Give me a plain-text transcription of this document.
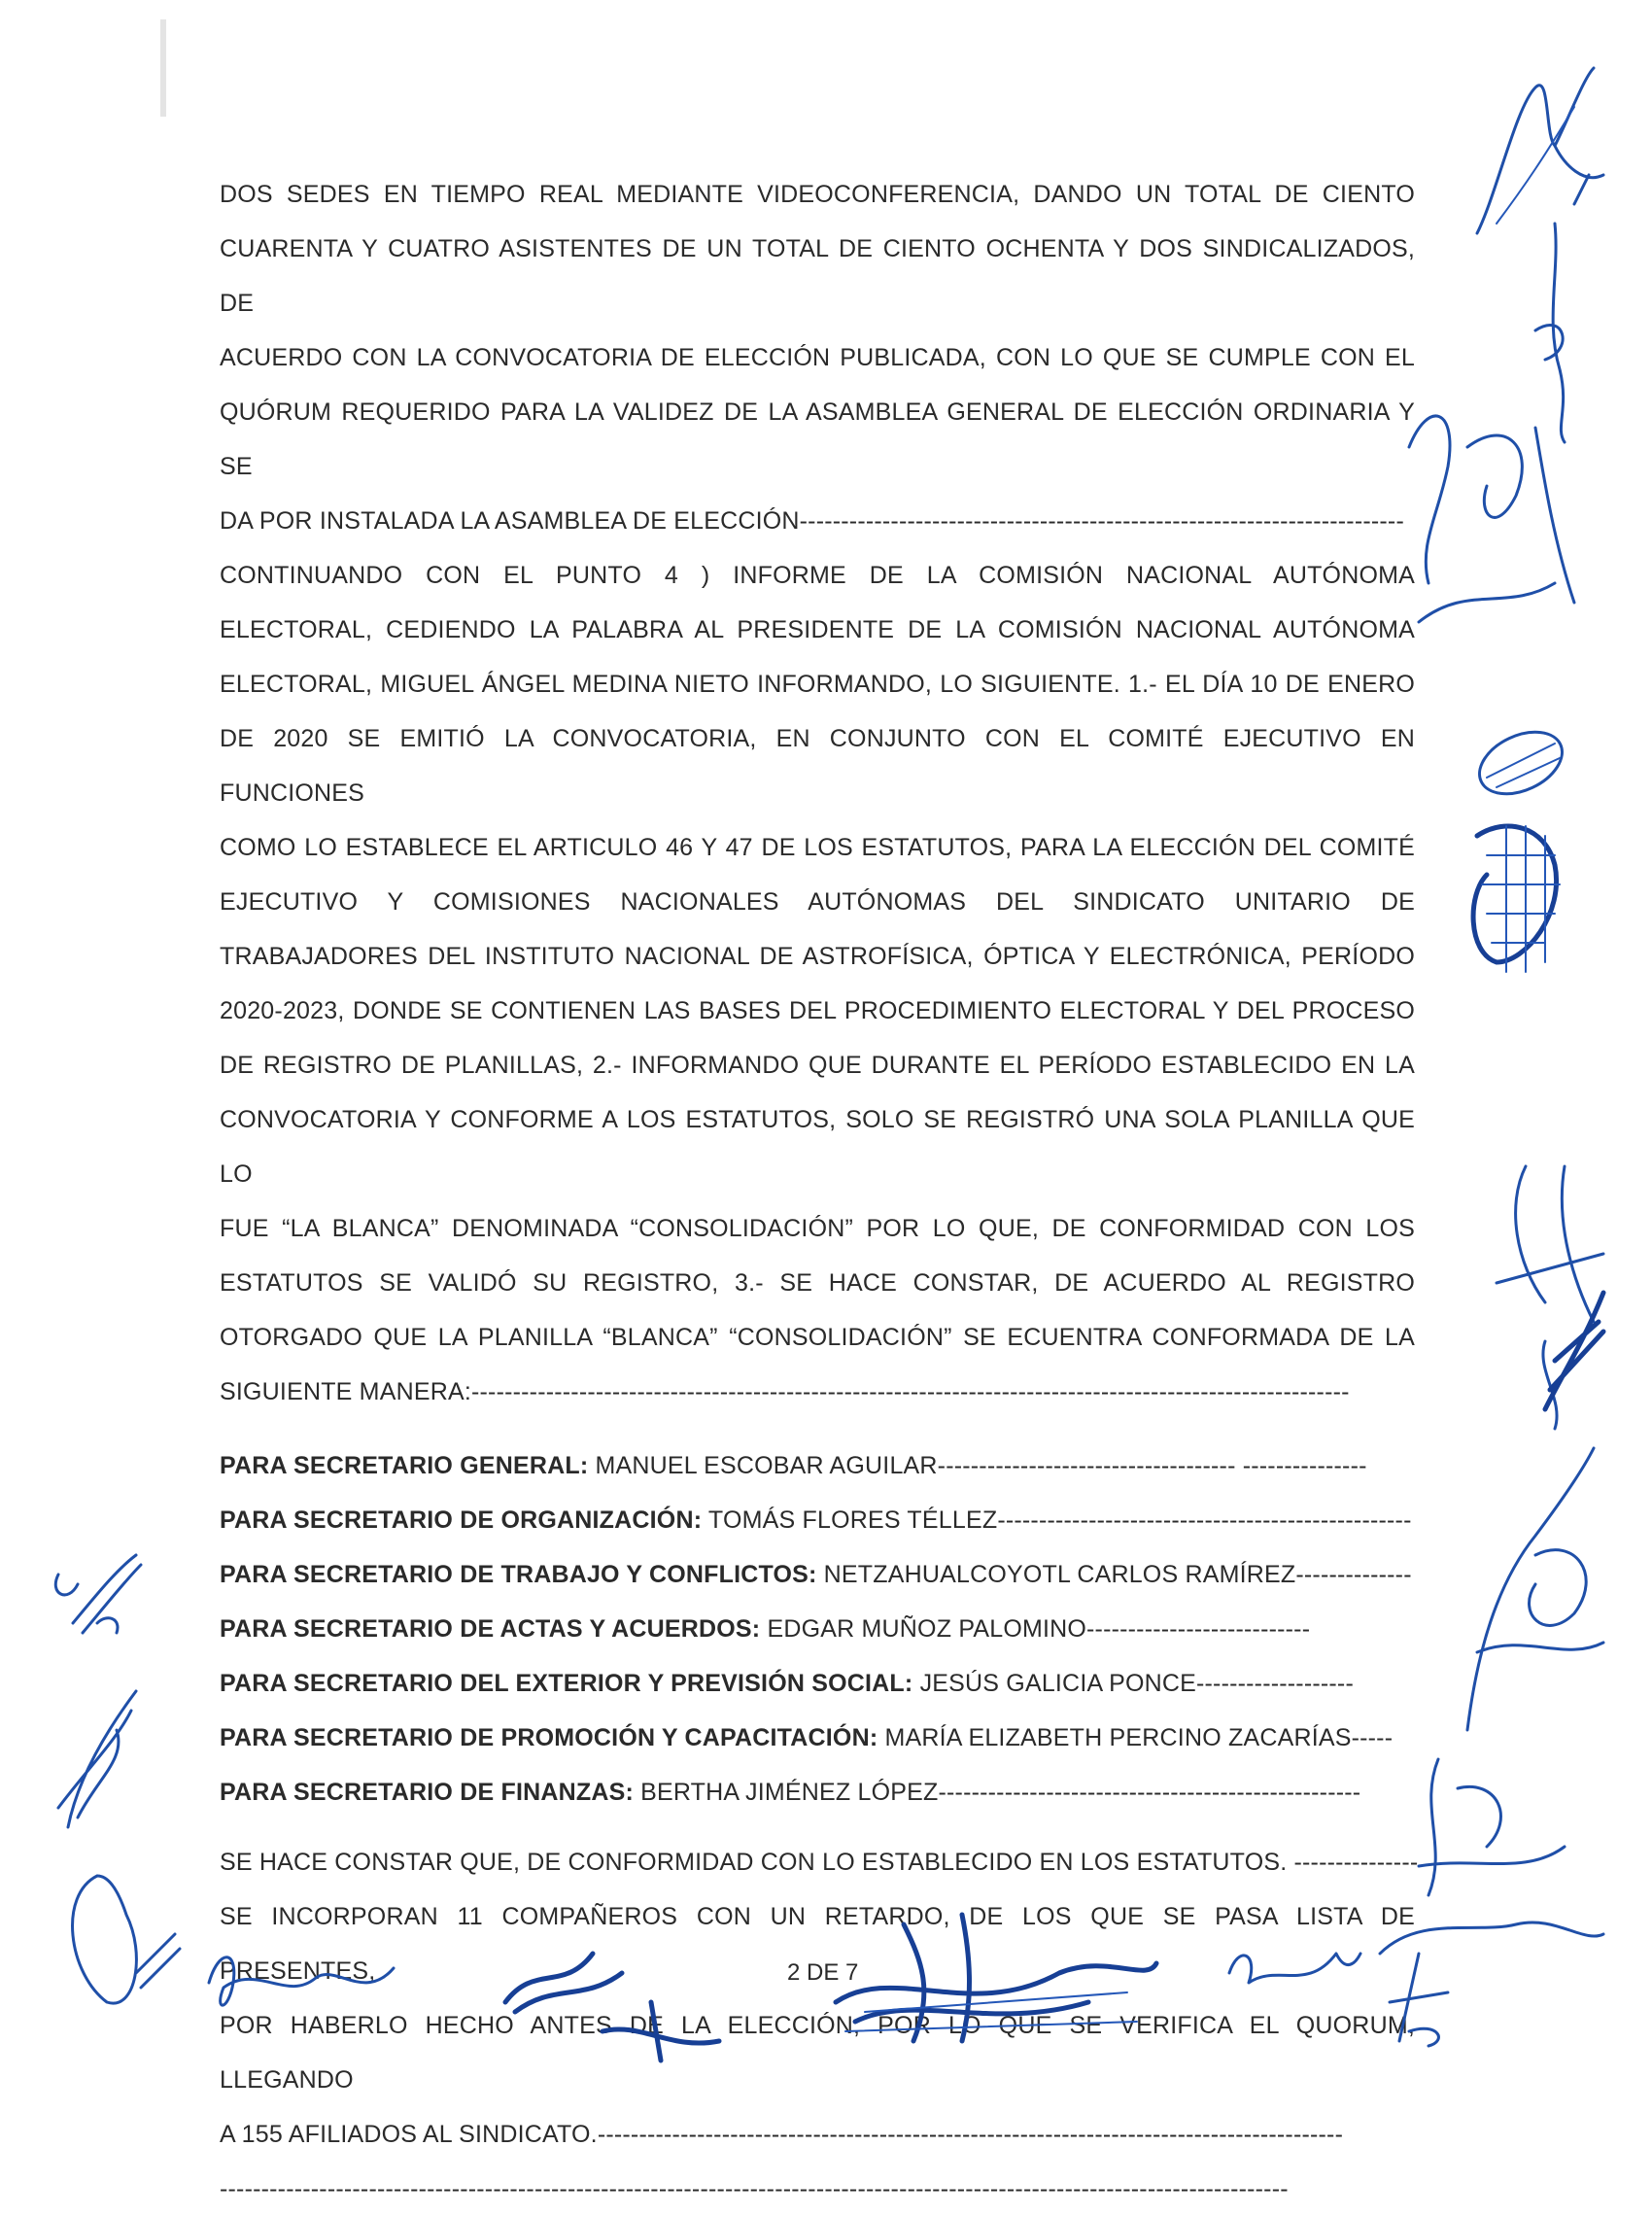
DOS SEDES EN TIEMPO REAL MEDIANTE VIDEOCONFERENCIA, DANDO UN TOTAL DE CIENTO

CUARENTA Y CUATRO ASISTENTES DE UN TOTAL DE CIENTO OCHENTA Y DOS SINDICALIZADOS, DE

ACUERDO CON LA CONVOCATORIA DE ELECCIÓN PUBLICADA, CON LO QUE SE CUMPLE CON EL

QUÓRUM REQUERIDO PARA LA VALIDEZ DE LA ASAMBLEA GENERAL DE ELECCIÓN ORDINARIA Y SE

DA POR INSTALADA LA ASAMBLEA DE ELECCIÓN-------------------------------------------------------------------------

CONTINUANDO CON EL PUNTO 4 ) INFORME DE LA COMISIÓN NACIONAL AUTÓNOMA

ELECTORAL, CEDIENDO LA PALABRA AL PRESIDENTE DE LA COMISIÓN NACIONAL AUTÓNOMA

ELECTORAL, MIGUEL ÁNGEL MEDINA NIETO INFORMANDO, LO SIGUIENTE. 1.- EL DÍA 10 DE ENERO

DE 2020 SE EMITIÓ LA CONVOCATORIA, EN CONJUNTO CON EL COMITÉ EJECUTIVO EN FUNCIONES

COMO LO ESTABLECE EL ARTICULO 46 Y 47 DE LOS ESTATUTOS, PARA LA ELECCIÓN DEL COMITÉ

EJECUTIVO Y COMISIONES NACIONALES AUTÓNOMAS DEL SINDICATO UNITARIO DE

TRABAJADORES DEL INSTITUTO NACIONAL DE ASTROFÍSICA, ÓPTICA Y ELECTRÓNICA, PERÍODO

2020-2023, DONDE SE CONTIENEN LAS BASES DEL PROCEDIMIENTO ELECTORAL Y DEL PROCESO

DE REGISTRO DE PLANILLAS, 2.- INFORMANDO QUE DURANTE EL PERÍODO ESTABLECIDO EN LA

CONVOCATORIA Y CONFORME A LOS ESTATUTOS, SOLO SE REGISTRÓ UNA SOLA PLANILLA QUE LO

FUE “LA BLANCA” DENOMINADA “CONSOLIDACIÓN” POR LO QUE, DE CONFORMIDAD CON LOS

ESTATUTOS SE VALIDÓ SU REGISTRO, 3.- SE HACE CONSTAR, DE ACUERDO AL REGISTRO

OTORGADO QUE LA PLANILLA “BLANCA” “CONSOLIDACIÓN” SE ECUENTRA CONFORMADA DE LA

SIGUIENTE MANERA:----------------------------------------------------------------------------------------------------------

PARA SECRETARIO GENERAL: MANUEL ESCOBAR AGUILAR------------------------------------ ---------------

PARA SECRETARIO DE ORGANIZACIÓN: TOMÁS FLORES TÉLLEZ--------------------------------------------------

PARA SECRETARIO DE TRABAJO Y CONFLICTOS: NETZAHUALCOYOTL CARLOS RAMÍREZ--------------

PARA SECRETARIO DE ACTAS Y ACUERDOS: EDGAR MUÑOZ PALOMINO---------------------------

PARA SECRETARIO DEL EXTERIOR Y PREVISIÓN SOCIAL: JESÚS GALICIA PONCE-------------------

PARA SECRETARIO DE PROMOCIÓN Y CAPACITACIÓN: MARÍA ELIZABETH PERCINO ZACARÍAS-----

PARA SECRETARIO DE FINANZAS: BERTHA JIMÉNEZ LÓPEZ---------------------------------------------------

SE HACE CONSTAR QUE, DE CONFORMIDAD CON LO ESTABLECIDO EN LOS ESTATUTOS. ---------------

SE INCORPORAN 11 COMPAÑEROS CON UN RETARDO, DE LOS QUE SE PASA LISTA DE PRESENTES,

POR HABERLO HECHO ANTES DE LA ELECCIÓN, POR LO QUE SE VERIFICA EL QUORUM, LLEGANDO

A 155 AFILIADOS AL SINDICATO.------------------------------------------------------------------------------------------

---------------------------------------------------------------------------------------------------------------------------------

2 DE 7
